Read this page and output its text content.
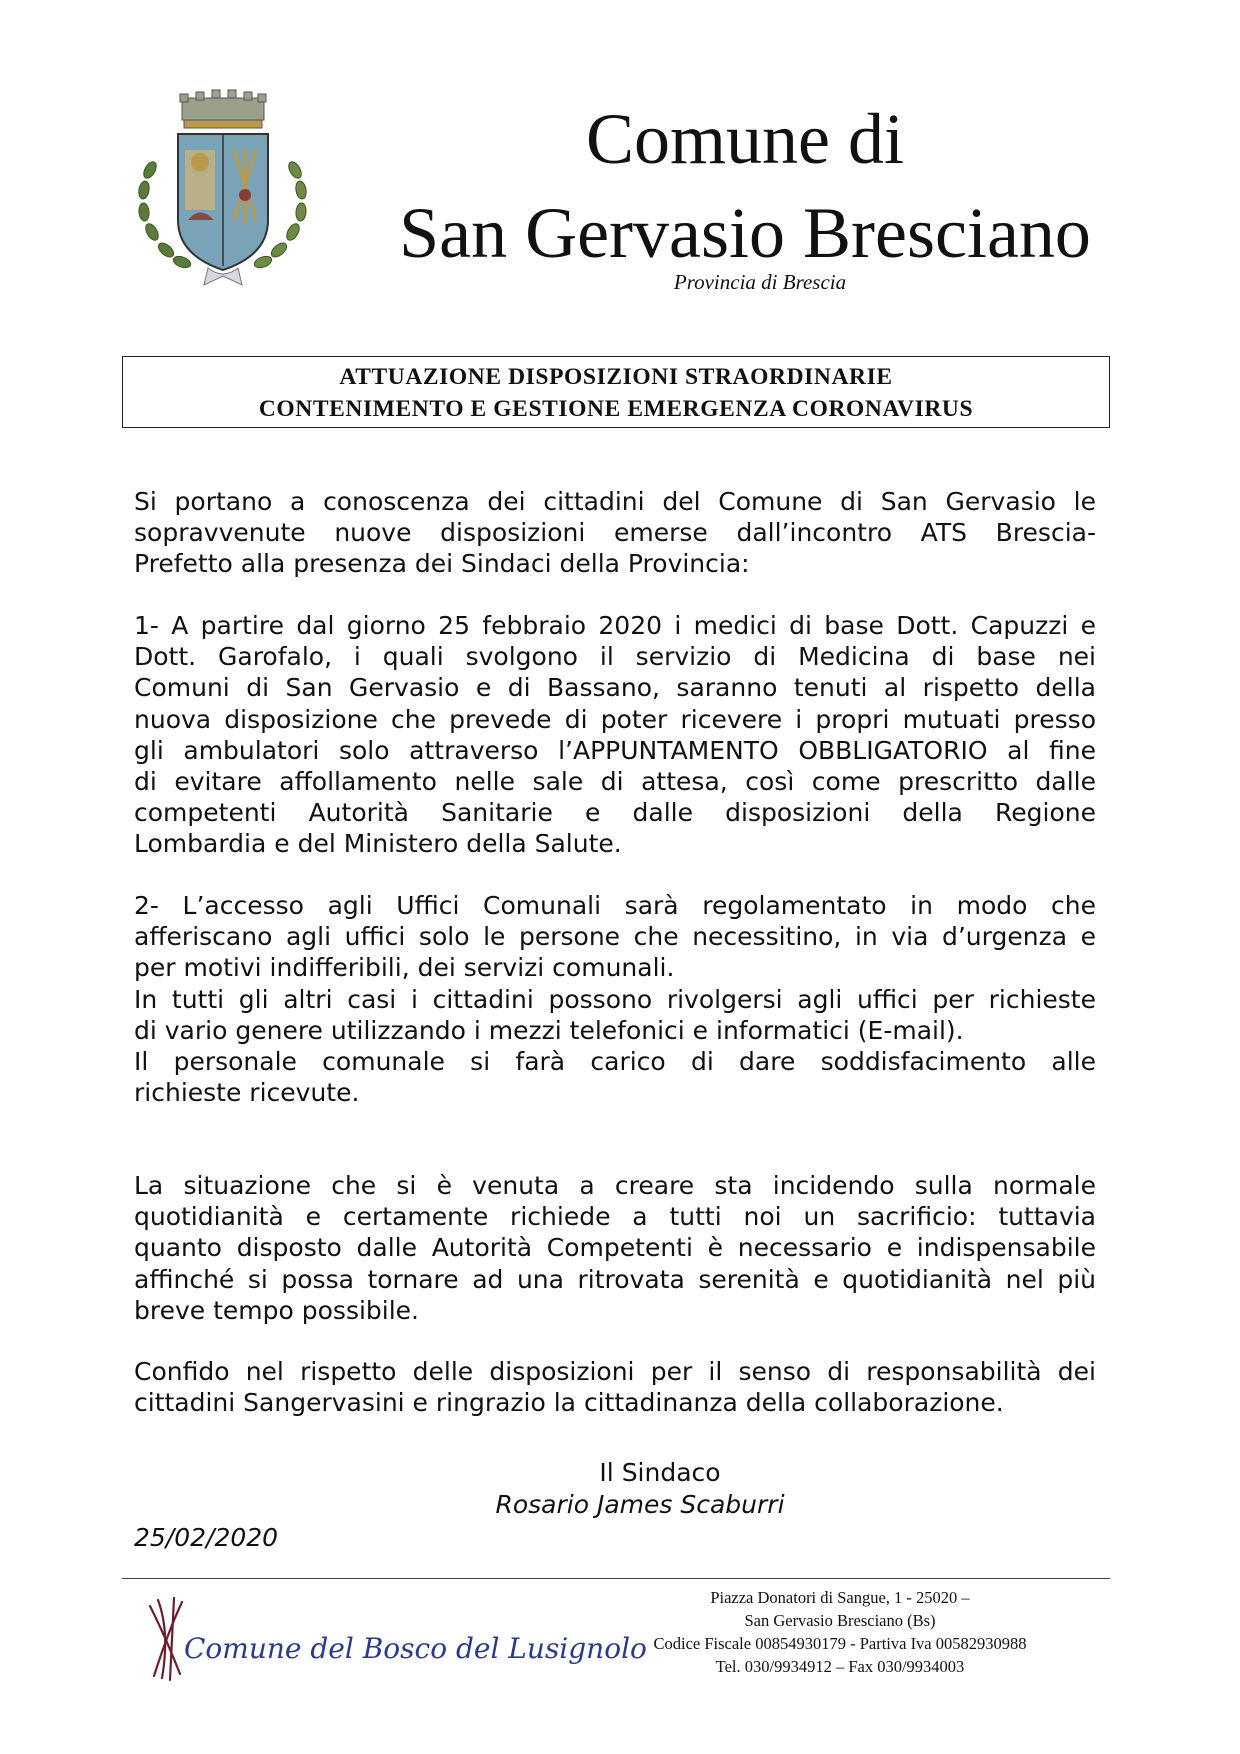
Comune di
San Gervasio Bresciano
Provincia di Brescia
ATTUAZIONE DISPOSIZIONI STRAORDINARIE
CONTENIMENTO E GESTIONE EMERGENZA CORONAVIRUS
Si portano a conoscenza dei cittadini del Comune di San Gervasio le
sopravvenute nuove disposizioni emerse dall’incontro ATS Brescia-
Prefetto alla presenza dei Sindaci della Provincia:
1- A partire dal giorno 25 febbraio 2020 i medici di base Dott. Capuzzi e
Dott. Garofalo, i quali svolgono il servizio di Medicina di base nei
Comuni di San Gervasio e di Bassano, saranno tenuti al rispetto della
nuova disposizione che prevede di poter ricevere i propri mutuati presso
gli ambulatori solo attraverso l’APPUNTAMENTO OBBLIGATORIO al fine
di evitare affollamento nelle sale di attesa, così come prescritto dalle
competenti Autorità Sanitarie e dalle disposizioni della Regione
Lombardia e del Ministero della Salute.
2- L’accesso agli Uffici Comunali sarà regolamentato in modo che
afferiscano agli uffici solo le persone che necessitino, in via d’urgenza e
per motivi indifferibili, dei servizi comunali.
In tutti gli altri casi i cittadini possono rivolgersi agli uffici per richieste
di vario genere utilizzando i mezzi telefonici e informatici (E-mail).
Il personale comunale si farà carico di dare soddisfacimento alle
richieste ricevute.
La situazione che si è venuta a creare sta incidendo sulla normale
quotidianità e certamente richiede a tutti noi un sacrificio: tuttavia
quanto disposto dalle Autorità Competenti è necessario e indispensabile
affinché si possa tornare ad una ritrovata serenità e quotidianità nel più
breve tempo possibile.
Confido nel rispetto delle disposizioni per il senso di responsabilità dei
cittadini Sangervasini e ringrazio la cittadinanza della collaborazione.
Il Sindaco
Rosario James Scaburri
25/02/2020
Comune del Bosco del Lusignolo
Piazza Donatori di Sangue, 1 - 25020 –
San Gervasio Bresciano (Bs)
Codice Fiscale 00854930179 - Partiva Iva 00582930988
Tel. 030/9934912 – Fax 030/9934003
